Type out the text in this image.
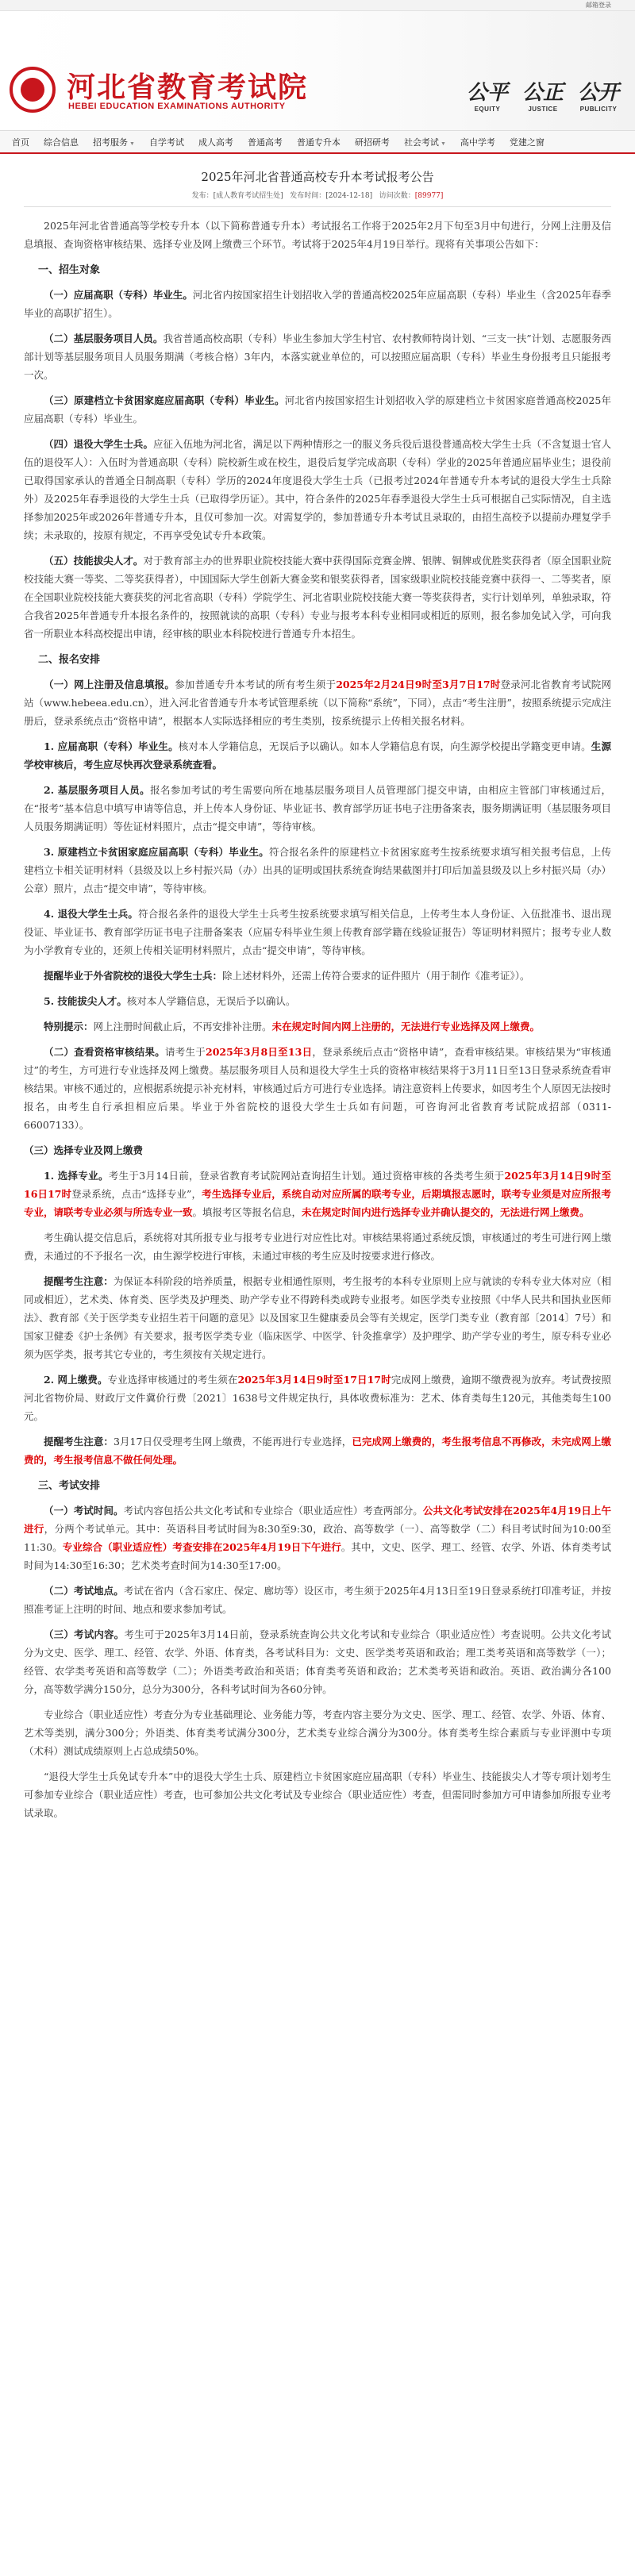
邮箱登录
河北省教育考试院
HEBEI EDUCATION EXAMINATIONS AUTHORITY
公平
EQUITY
公正
JUSTICE
公开
PUBLICITY
首页	综合信息	招考服务 ▼	自学考试	成人高考	普通高考	普通专升本	研招研考	社会考试 ▼	高中学考	党建之窗
2025年河北省普通高校专升本考试报考公告
发布：[成人教育考试招生处] 发布时间：[2024-12-18] 访问次数：[89977]

2025年河北省普通高等学校专升本（以下简称普通专升本）考试报名工作将于2025年2月下旬至3月中旬进行，分网上注册及信息填报、查询资格审核结果、选择专业及网上缴费三个环节。考试将于2025年4月19日举行。现将有关事项公告如下：

一、招生对象

（一）应届高职（专科）毕业生。河北省内按国家招生计划招收入学的普通高校2025年应届高职（专科）毕业生（含2025年春季毕业的高职扩招生）。

（二）基层服务项目人员。我省普通高校高职（专科）毕业生参加大学生村官、农村教师特岗计划、“三支一扶”计划、志愿服务西部计划等基层服务项目人员服务期满（考核合格）3年内，本落实就业单位的，可以按照应届高职（专科）毕业生身份报考且只能报考一次。

（三）原建档立卡贫困家庭应届高职（专科）毕业生。河北省内按国家招生计划招收入学的原建档立卡贫困家庭普通高校2025年应届高职（专科）毕业生。

（四）退役大学生士兵。应征入伍地为河北省，满足以下两种情形之一的服义务兵役后退役普通高校大学生士兵（不含复退士官人伍的退役军人）：入伍时为普通高职（专科）院校新生或在校生，退役后复学完成高职（专科）学业的2025年普通应届毕业生；退役前已取得国家承认的普通全日制高职（专科）学历的2024年度退役大学生士兵（已报考过2024年普通专升本考试的退役大学生士兵除外）及2025年春季退役的大学生士兵（已取得学历证）。其中，符合条件的2025年春季退役大学生士兵可根据自己实际情况，自主选择参加2025年或2026年普通专升本，且仅可参加一次。对需复学的，参加普通专升本考试且录取的，由招生高校予以提前办理复学手续；未录取的，按原有规定，不再享受免试专升本政策。

（五）技能拔尖人才。对于教育部主办的世界职业院校技能大赛中获得国际竞赛金牌、银牌、铜牌或优胜奖获得者（原全国职业院校技能大赛一等奖、二等奖获得者），中国国际大学生创新大赛金奖和银奖获得者，国家级职业院校技能竞赛中获得一、二等奖者，原在全国职业院校技能大赛获奖的河北省高职（专科）学院学生、河北省职业院校技能大赛一等奖获得者，实行计划单列，单独录取，符合我省2025年普通专升本报名条件的，按照就读的高职（专科）专业与报考本科专业相同或相近的原则，报名参加免试入学，可向我省一所职业本科高校提出申请，经审核的职业本科院校进行普通专升本招生。

二、报名安排

（一）网上注册及信息填报。参加普通专升本考试的所有考生须于2025年2月24日9时至3月7日17时登录河北省教育考试院网站（www.hebeea.edu.cn），进入河北省普通专升本考试管理系统（以下简称“系统”，下同），点击“考生注册”，按照系统提示完成注册后，登录系统点击“资格申请”，根据本人实际选择相应的考生类别，按系统提示上传相关报名材料。

1. 应届高职（专科）毕业生。核对本人学籍信息，无误后予以确认。如本人学籍信息有误，向生源学校提出学籍变更申请。生源学校审核后，考生应尽快再次登录系统查看。

2. 基层服务项目人员。报名参加考试的考生需要向所在地基层服务项目人员管理部门提交申请，由相应主管部门审核通过后，在“报考”基本信息中填写申请等信息，并上传本人身份证、毕业证书、教育部学历证书电子注册备案表，服务期满证明（基层服务项目人员服务期满证明）等佐证材料照片，点击“提交申请”，等待审核。

3. 原建档立卡贫困家庭应届高职（专科）毕业生。符合报名条件的原建档立卡贫困家庭考生按系统要求填写相关报考信息，上传建档立卡相关证明材料（县级及以上乡村振兴局（办）出具的证明或国扶系统查询结果截图并打印后加盖县级及以上乡村振兴局（办）公章）照片，点击“提交申请”，等待审核。

4. 退役大学生士兵。符合报名条件的退役大学生士兵考生按系统要求填写相关信息，上传考生本人身份证、入伍批准书、退出现役证、毕业证书、教育部学历证书电子注册备案表（应届专科毕业生须上传教育部学籍在线验证报告）等证明材料照片；报考专业人数为小学教育专业的，还须上传相关证明材料照片，点击“提交申请”，等待审核。

提醒毕业于外省院校的退役大学生士兵：除上述材料外，还需上传符合要求的证件照片（用于制作《准考证》）。

5. 技能拔尖人才。核对本人学籍信息，无误后予以确认。

特别提示：网上注册时间截止后，不再安排补注册。未在规定时间内网上注册的，无法进行专业选择及网上缴费。

（二）查看资格审核结果。请考生于2025年3月8日至13日，登录系统后点击“资格申请”，查看审核结果。审核结果为“审核通过”的考生，方可进行专业选择及网上缴费。基层服务项目人员和退役大学生士兵的资格审核结果将于3月11日至13日登录系统查看审核结果。审核不通过的，应根据系统提示补充材料，审核通过后方可进行专业选择。请注意资料上传要求，如因考生个人原因无法按时报名，由考生自行承担相应后果。毕业于外省院校的退役大学生士兵如有问题，可咨询河北省教育考试院成招部（0311-66007133）。

（三）选择专业及网上缴费

1. 选择专业。考生于3月14日前，登录省教育考试院网站查询招生计划。通过资格审核的各类考生须于2025年3月14日9时至16日17时登录系统，点击“选择专业”，考生选择专业后，系统自动对应所属的联考专业，后期填报志愿时，联考专业须是对应所报考专业，请联考专业必须与所选专业一致。填报考区等报名信息，未在规定时间内进行选择专业并确认提交的，无法进行网上缴费。

考生确认提交信息后，系统将对其所报专业与报考专业进行对应性比对。审核结果将通过系统反馈，审核通过的考生可进行网上缴费，未通过的不予报名一次，由生源学校进行审核，未通过审核的考生应及时按要求进行修改。

提醒考生注意：为保证本科阶段的培养质量，根据专业相通性原则，考生报考的本科专业原则上应与就读的专科专业大体对应（相同或相近），艺术类、体育类、医学类及护理类、助产学专业不得跨科类或跨专业报考。如医学类专业按照《中华人民共和国执业医师法》、教育部《关于医学类专业招生若干问题的意见》以及国家卫生健康委员会等有关规定，医学门类专业（教育部〔2014〕7号）和国家卫健委《护士条例》有关要求，报考医学类专业（临床医学、中医学、针灸推拿学）及护理学、助产学专业的考生，原专科专业必须为医学类，报考其它专业的，考生须按有关规定进行。

2. 网上缴费。专业选择审核通过的考生须在2025年3月14日9时至17日17时完成网上缴费，逾期不缴费视为放弃。考试费按照河北省物价局、财政厅文件冀价行费〔2021〕1638号文件规定执行，具体收费标准为：艺术、体育类每生120元，其他类每生100元。

提醒考生注意：3月17日仅受理考生网上缴费，不能再进行专业选择，已完成网上缴费的，考生报考信息不再修改，未完成网上缴费的，考生报考信息不做任何处理。

三、考试安排

（一）考试时间。考试内容包括公共文化考试和专业综合（职业适应性）考查两部分。公共文化考试安排在2025年4月19日上午进行，分两个考试单元。其中：英语科目考试时间为8:30至9:30，政治、高等数学（一）、高等数学（二）科目考试时间为10:00至11:30。专业综合（职业适应性）考查安排在2025年4月19日下午进行。其中，文史、医学、理工、经管、农学、外语、体育类考试时间为14:30至16:30；艺术类考查时间为14:30至17:00。

（二）考试地点。考试在省内（含石家庄、保定、廊坊等）设区市，考生须于2025年4月13日至19日登录系统打印准考证，并按照准考证上注明的时间、地点和要求参加考试。

（三）考试内容。考生可于2025年3月14日前，登录系统查询公共文化考试和专业综合（职业适应性）考查说明。公共文化考试分为文史、医学、理工、经管、农学、外语、体育类，各考试科目为：文史、医学类考英语和政治；理工类考英语和高等数学（一）；经管、农学类考英语和高等数学（二）；外语类考政治和英语；体育类考英语和政治；艺术类考英语和政治。英语、政治满分各100分，高等数学满分150分，总分为300分，各科考试时间为各60分钟。

专业综合（职业适应性）考查分为专业基础理论、业务能力等，考查内容主要分为文史、医学、理工、经管、农学、外语、体育、艺术等类别，满分300分；外语类、体育类考试满分300分，艺术类专业综合满分为300分。体育类考生综合素质与专业评测中专项（术科）测试成绩原则上占总成绩50%。

“退役大学生士兵免试专升本”中的退役大学生士兵、原建档立卡贫困家庭应届高职（专科）毕业生、技能拔尖人才等专项计划考生可参加专业综合（职业适应性）考查，也可参加公共文化考试及专业综合（职业适应性）考查，但需同时参加方可申请参加所报专业考试录取。
